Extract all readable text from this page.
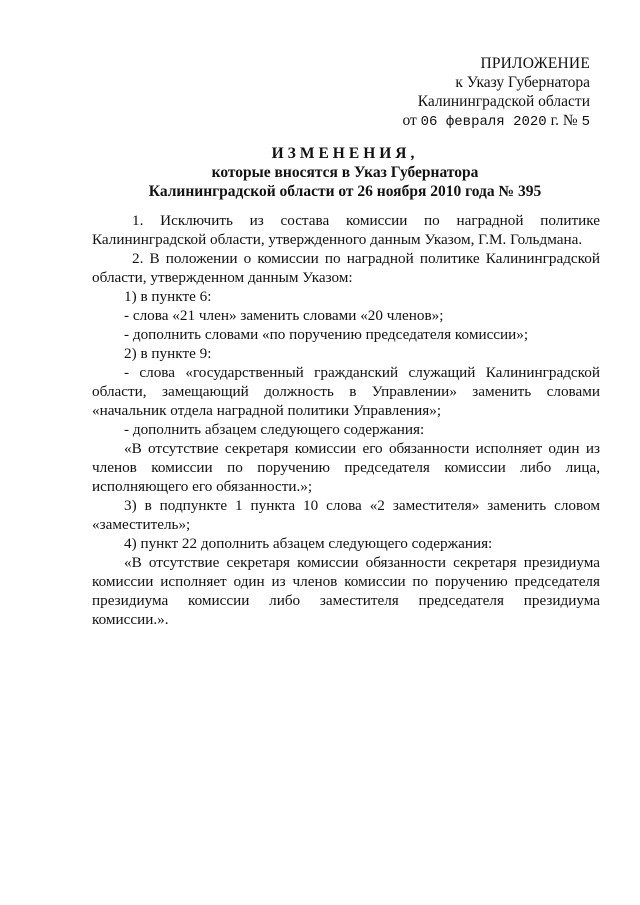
ПРИЛОЖЕНИЕ
к Указу Губернатора
Калининградской области
от 06 февраля 2020 г. № 5
ИЗМЕНЕНИЯ,
которые вносятся в Указ Губернатора
Калининградской области от 26 ноября 2010 года № 395

1. Исключить из состава комиссии по наградной политике Калининградской области, утвержденного данным Указом, Г.М. Гольдмана.

2. В положении о комиссии по наградной политике Калининградской области, утвержденном данным Указом:

1) в пункте 6:

- слова «21 член» заменить словами «20 членов»;

- дополнить словами «по поручению председателя комиссии»;

2) в пункте 9:

- слова «государственный гражданский служащий Калининградской области, замещающий должность в Управлении» заменить словами «начальник отдела наградной политики Управления»;

- дополнить абзацем следующего содержания:

«В отсутствие секретаря комиссии его обязанности исполняет один из членов комиссии по поручению председателя комиссии либо лица, исполняющего его обязанности.»;

3) в подпункте 1 пункта 10 слова «2 заместителя» заменить словом «заместитель»;

4) пункт 22 дополнить абзацем следующего содержания:

«В отсутствие секретаря комиссии обязанности секретаря президиума комиссии исполняет один из членов комиссии по поручению председателя президиума комиссии либо заместителя председателя президиума комиссии.».
